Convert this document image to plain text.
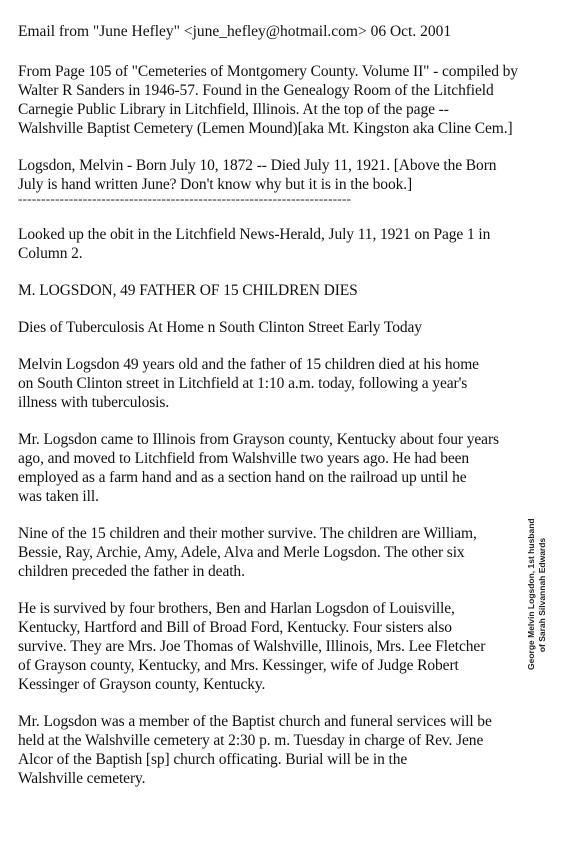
Email from "June Hefley" <june_hefley@hotmail.com> 06 Oct. 2001
From Page 105 of "Cemeteries of Montgomery County. Volume II" - compiled by
Walter R Sanders in 1946-57. Found in the Genealogy Room of the Litchfield
Carnegie Public Library in Litchfield, Illinois. At the top of the page --
Walshville Baptist Cemetery (Lemen Mound)[aka Mt. Kingston aka Cline Cem.]
Logsdon, Melvin - Born July 10, 1872 -- Died July 11, 1921. [Above the Born
July is hand written June? Don't know why but it is in the book.]
------------------------------------------------------------------------
Looked up the obit in the Litchfield News-Herald, July 11, 1921 on Page 1 in
Column 2.
M. LOGSDON, 49 FATHER OF 15 CHILDREN DIES
Dies of Tuberculosis At Home n South Clinton Street Early Today
Melvin Logsdon 49 years old and the father of 15 children died at his home
on South Clinton street in Litchfield at 1:10 a.m. today, following a year's
illness with tuberculosis.
Mr. Logsdon came to Illinois from Grayson county, Kentucky about four years
ago, and moved to Litchfield from Walshville two years ago. He had been
employed as a farm hand and as a section hand on the railroad up until he
was taken ill.
Nine of the 15 children and their mother survive. The children are William,
Bessie, Ray, Archie, Amy, Adele, Alva and Merle Logsdon. The other six
children preceded the father in death.
He is survived by four brothers, Ben and Harlan Logsdon of Louisville,
Kentucky, Hartford and Bill of Broad Ford, Kentucky. Four sisters also
survive. They are Mrs. Joe Thomas of Walshville, Illinois, Mrs. Lee Fletcher
of Grayson county, Kentucky, and Mrs. Kessinger, wife of Judge Robert
Kessinger of Grayson county, Kentucky.
Mr. Logsdon was a member of the Baptist church and funeral services will be
held at the Walshville cemetery at 2:30 p. m. Tuesday in charge of Rev. Jene
Alcor of the Baptish [sp] church officating. Burial will be in the
Walshville cemetery.
George Melvin Logsdon, 1st husband of Sarah Silvannah Edwards
